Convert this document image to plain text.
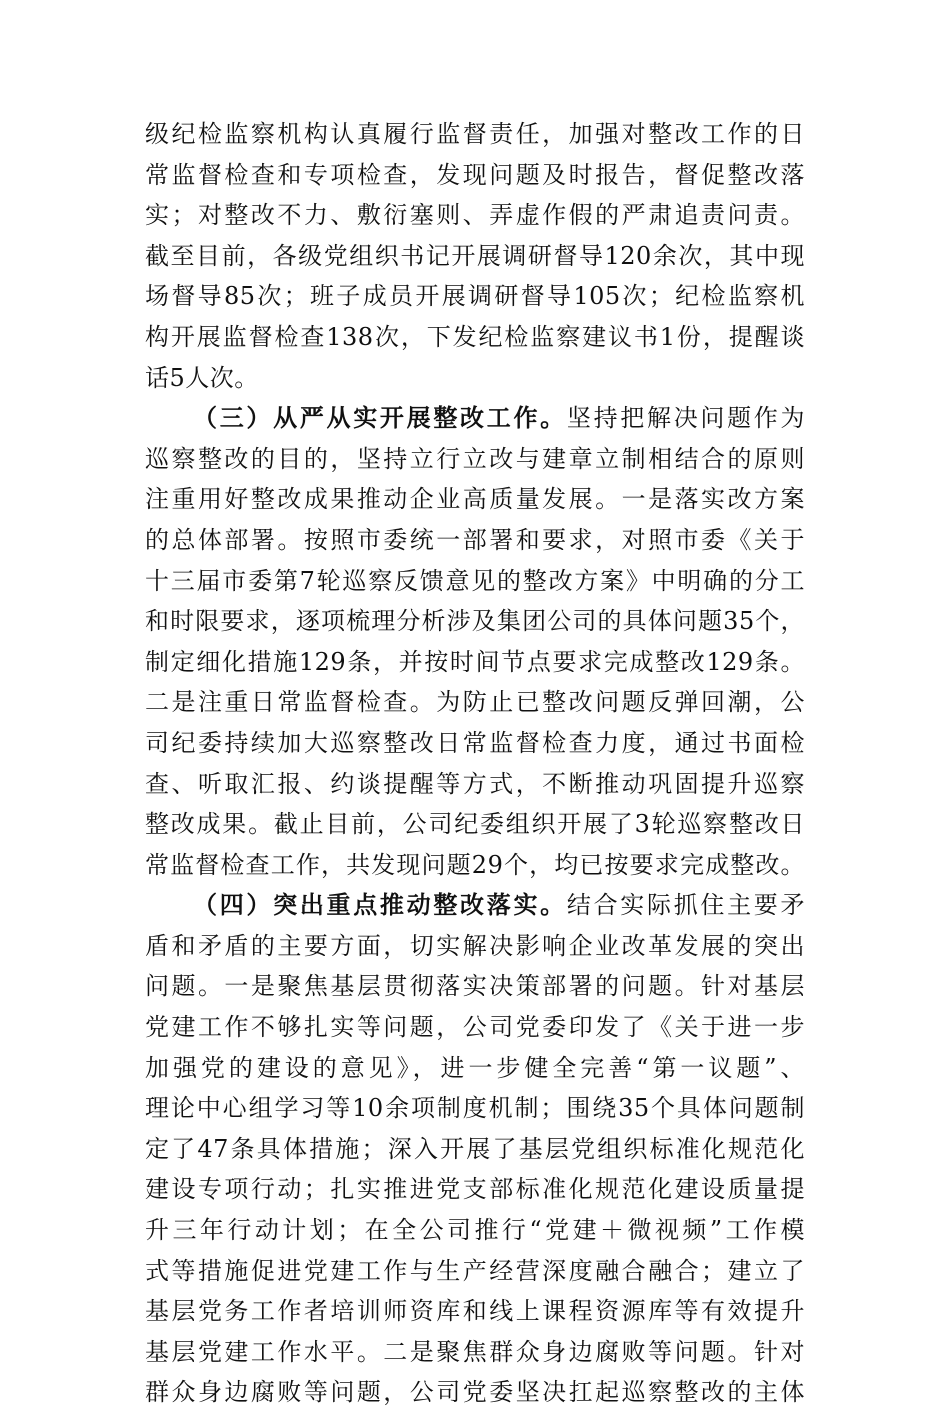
级纪检监察机构认真履行监督责任，加强对整改工作的日
常监督检查和专项检查，发现问题及时报告，督促整改落
实；对整改不力、敷衍塞则、弄虚作假的严肃追责问责。
截至目前，各级党组织书记开展调研督导120余次，其中现
场督导85次；班子成员开展调研督导105次；纪检监察机
构开展监督检查138次，下发纪检监察建议书1份，提醒谈
话5人次。
（三）从严从实开展整改工作。坚持把解决问题作为
巡察整改的目的，坚持立行立改与建章立制相结合的原则
注重用好整改成果推动企业高质量发展。一是落实改方案
的总体部署。按照市委统一部署和要求，对照市委《关于
十三届市委第7轮巡察反馈意见的整改方案》中明确的分工
和时限要求，逐项梳理分析涉及集团公司的具体问题35个，
制定细化措施129条，并按时间节点要求完成整改129条。
二是注重日常监督检查。为防止已整改问题反弹回潮，公
司纪委持续加大巡察整改日常监督检查力度，通过书面检
查、听取汇报、约谈提醒等方式，不断推动巩固提升巡察
整改成果。截止目前，公司纪委组织开展了3轮巡察整改日
常监督检查工作，共发现问题29个，均已按要求完成整改。
（四）突出重点推动整改落实。结合实际抓住主要矛
盾和矛盾的主要方面，切实解决影响企业改革发展的突出
问题。一是聚焦基层贯彻落实决策部署的问题。针对基层
党建工作不够扎实等问题，公司党委印发了《关于进一步
加强党的建设的意见》，进一步健全完善“第一议题”、
理论中心组学习等10余项制度机制；围绕35个具体问题制
定了47条具体措施；深入开展了基层党组织标准化规范化
建设专项行动；扎实推进党支部标准化规范化建设质量提
升三年行动计划；在全公司推行“党建＋微视频”工作模
式等措施促进党建工作与生产经营深度融合融合；建立了
基层党务工作者培训师资库和线上课程资源库等有效提升
基层党建工作水平。二是聚焦群众身边腐败等问题。针对
群众身边腐败等问题，公司党委坚决扛起巡察整改的主体
